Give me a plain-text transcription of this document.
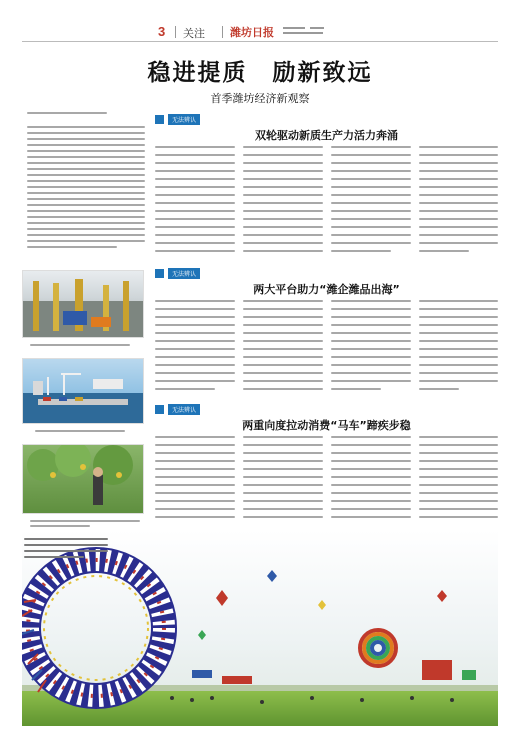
3 关注 潍坊日报
稳进提质　励新致远
首季潍坊经济新观察
无法辨认
双轮驱动新质生产力活力奔涌
无法辨认
两大平台助力“潍企潍品出海”
无法辨认
两重向度拉动消费“马车”蹄疾步稳
